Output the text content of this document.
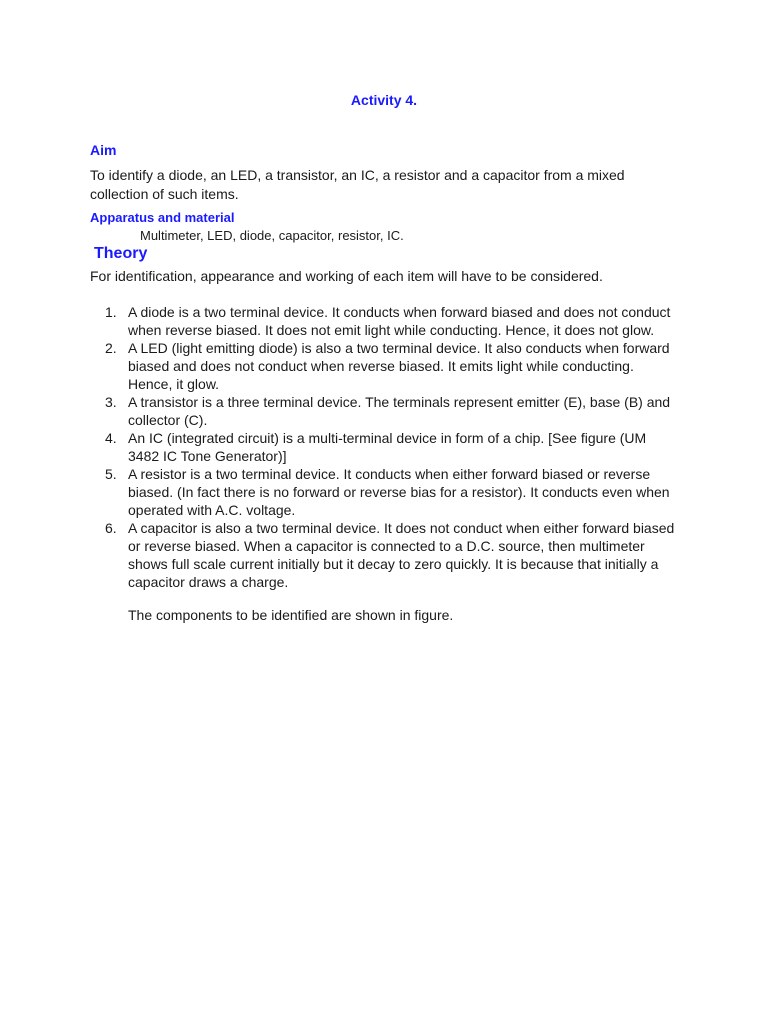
Activity 4.
Aim
To identify a diode, an LED, a transistor, an IC, a resistor and a capacitor from a mixed collection of such items.
Apparatus and material
Multimeter, LED, diode, capacitor, resistor, IC.
Theory
For identification, appearance and working of each item will have to be considered.
1. A diode is a two terminal device. It conducts when forward biased and does not conduct when reverse biased. It does not emit light while conducting. Hence, it does not glow.
2. A LED (light emitting diode) is also a two terminal device. It also conducts when forward biased and does not conduct when reverse biased. It emits light while conducting. Hence, it glow.
3. A transistor is a three terminal device. The terminals represent emitter (E), base (B) and collector (C).
4. An IC (integrated circuit) is a multi-terminal device in form of a chip. [See figure (UM 3482 IC Tone Generator)]
5. A resistor is a two terminal device. It conducts when either forward biased or reverse biased. (In fact there is no forward or reverse bias for a resistor). It conducts even when operated with A.C. voltage.
6. A capacitor is also a two terminal device. It does not conduct when either forward biased or reverse biased. When a capacitor is connected to a D.C. source, then multimeter shows full scale current initially but it decay to zero quickly. It is because that initially a capacitor draws a charge.
The components to be identified are shown in figure.
